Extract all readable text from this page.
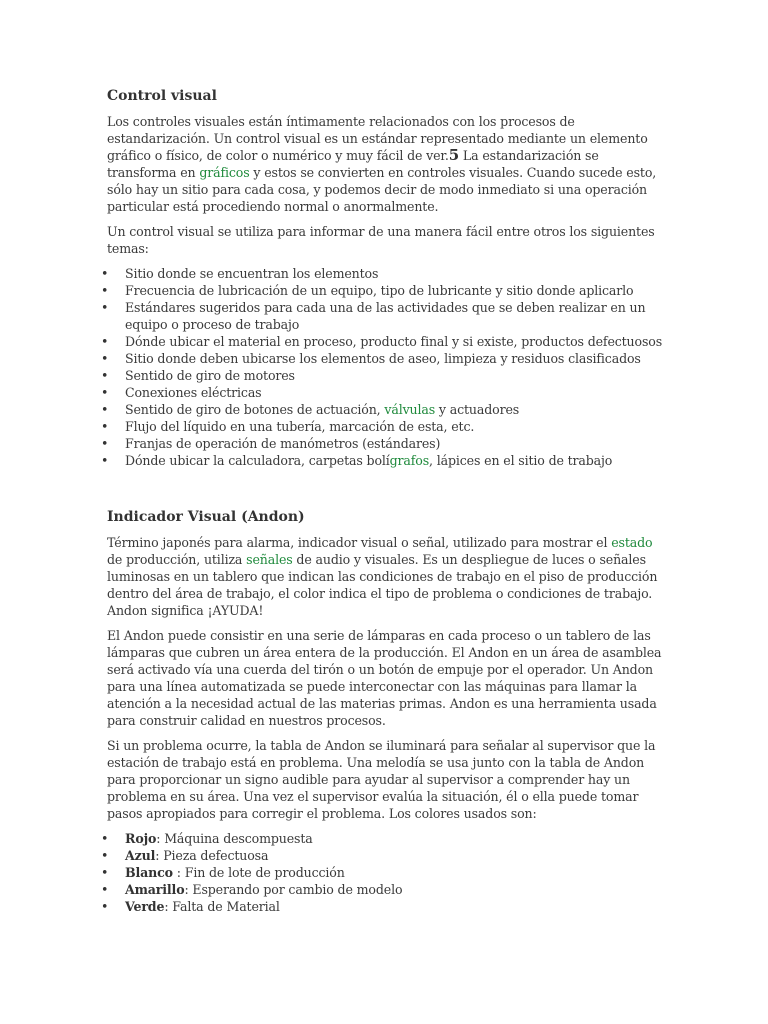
Control visual

Los controles visuales están íntimamente relacionados con los procesos de estandarización. Un control visual es un estándar representado mediante un elemento gráfico o físico, de color o numérico y muy fácil de ver.5 La estandarización se transforma en gráficos y estos se convierten en controles visuales. Cuando sucede esto, sólo hay un sitio para cada cosa, y podemos decir de modo inmediato si una operación particular está procediendo normal o anormalmente.

Un control visual se utiliza para informar de una manera fácil entre otros los siguientes temas:

• Sitio donde se encuentran los elementos
• Frecuencia de lubricación de un equipo, tipo de lubricante y sitio donde aplicarlo
• Estándares sugeridos para cada una de las actividades que se deben realizar en un equipo o proceso de trabajo
• Dónde ubicar el material en proceso, producto final y si existe, productos defectuosos
• Sitio donde deben ubicarse los elementos de aseo, limpieza y residuos clasificados
• Sentido de giro de motores
• Conexiones eléctricas
• Sentido de giro de botones de actuación, válvulas y actuadores
• Flujo del líquido en una tubería, marcación de esta, etc.
• Franjas de operación de manómetros (estándares)
• Dónde ubicar la calculadora, carpetas bolígrafos, lápices en el sitio de trabajo
Indicador Visual (Andon)

Término japonés para alarma, indicador visual o señal, utilizado para mostrar el estado de producción, utiliza señales de audio y visuales. Es un despliegue de luces o señales luminosas en un tablero que indican las condiciones de trabajo en el piso de producción dentro del área de trabajo, el color indica el tipo de problema o condiciones de trabajo. Andon significa ¡AYUDA!

El Andon puede consistir en una serie de lámparas en cada proceso o un tablero de las lámparas que cubren un área entera de la producción. El Andon en un área de asamblea será activado vía una cuerda del tirón o un botón de empuje por el operador. Un Andon para una línea automatizada se puede interconectar con las máquinas para llamar la atención a la necesidad actual de las materias primas. Andon es una herramienta usada para construir calidad en nuestros procesos.

Si un problema ocurre, la tabla de Andon se iluminará para señalar al supervisor que la estación de trabajo está en problema. Una melodía se usa junto con la tabla de Andon para proporcionar un signo audible para ayudar al supervisor a comprender hay un problema en su área. Una vez el supervisor evalúa la situación, él o ella puede tomar pasos apropiados para corregir el problema. Los colores usados son:

• Rojo: Máquina descompuesta
• Azul: Pieza defectuosa
• Blanco : Fin de lote de producción
• Amarillo: Esperando por cambio de modelo
• Verde: Falta de Material
